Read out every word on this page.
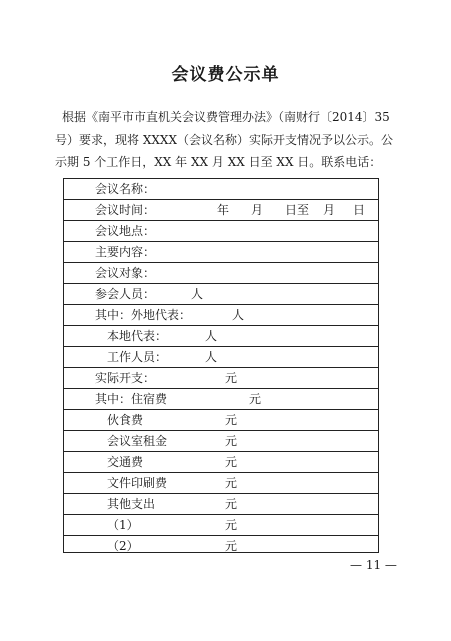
会议费公示单
根据《南平市市直机关会议费管理办法》（南财行〔2014〕35
号）要求，现将 XXXX（会议名称）实际开支情况予以公示。公
示期 5 个工作日，XX 年 XX 月 XX 日至 XX 日。联系电话：
会议名称：
会议时间：	年 月 日至 月 日
会议地点：
主要内容：
会议对象：
参会人员：	人
其中：外地代表：	人
本地代表：	人
工作人员：	人
实际开支：	元
其中：住宿费	元
伙食费	元
会议室租金	元
交通费	元
文件印刷费	元
其他支出	元
（1）	元
（2）	元
— 11 —
